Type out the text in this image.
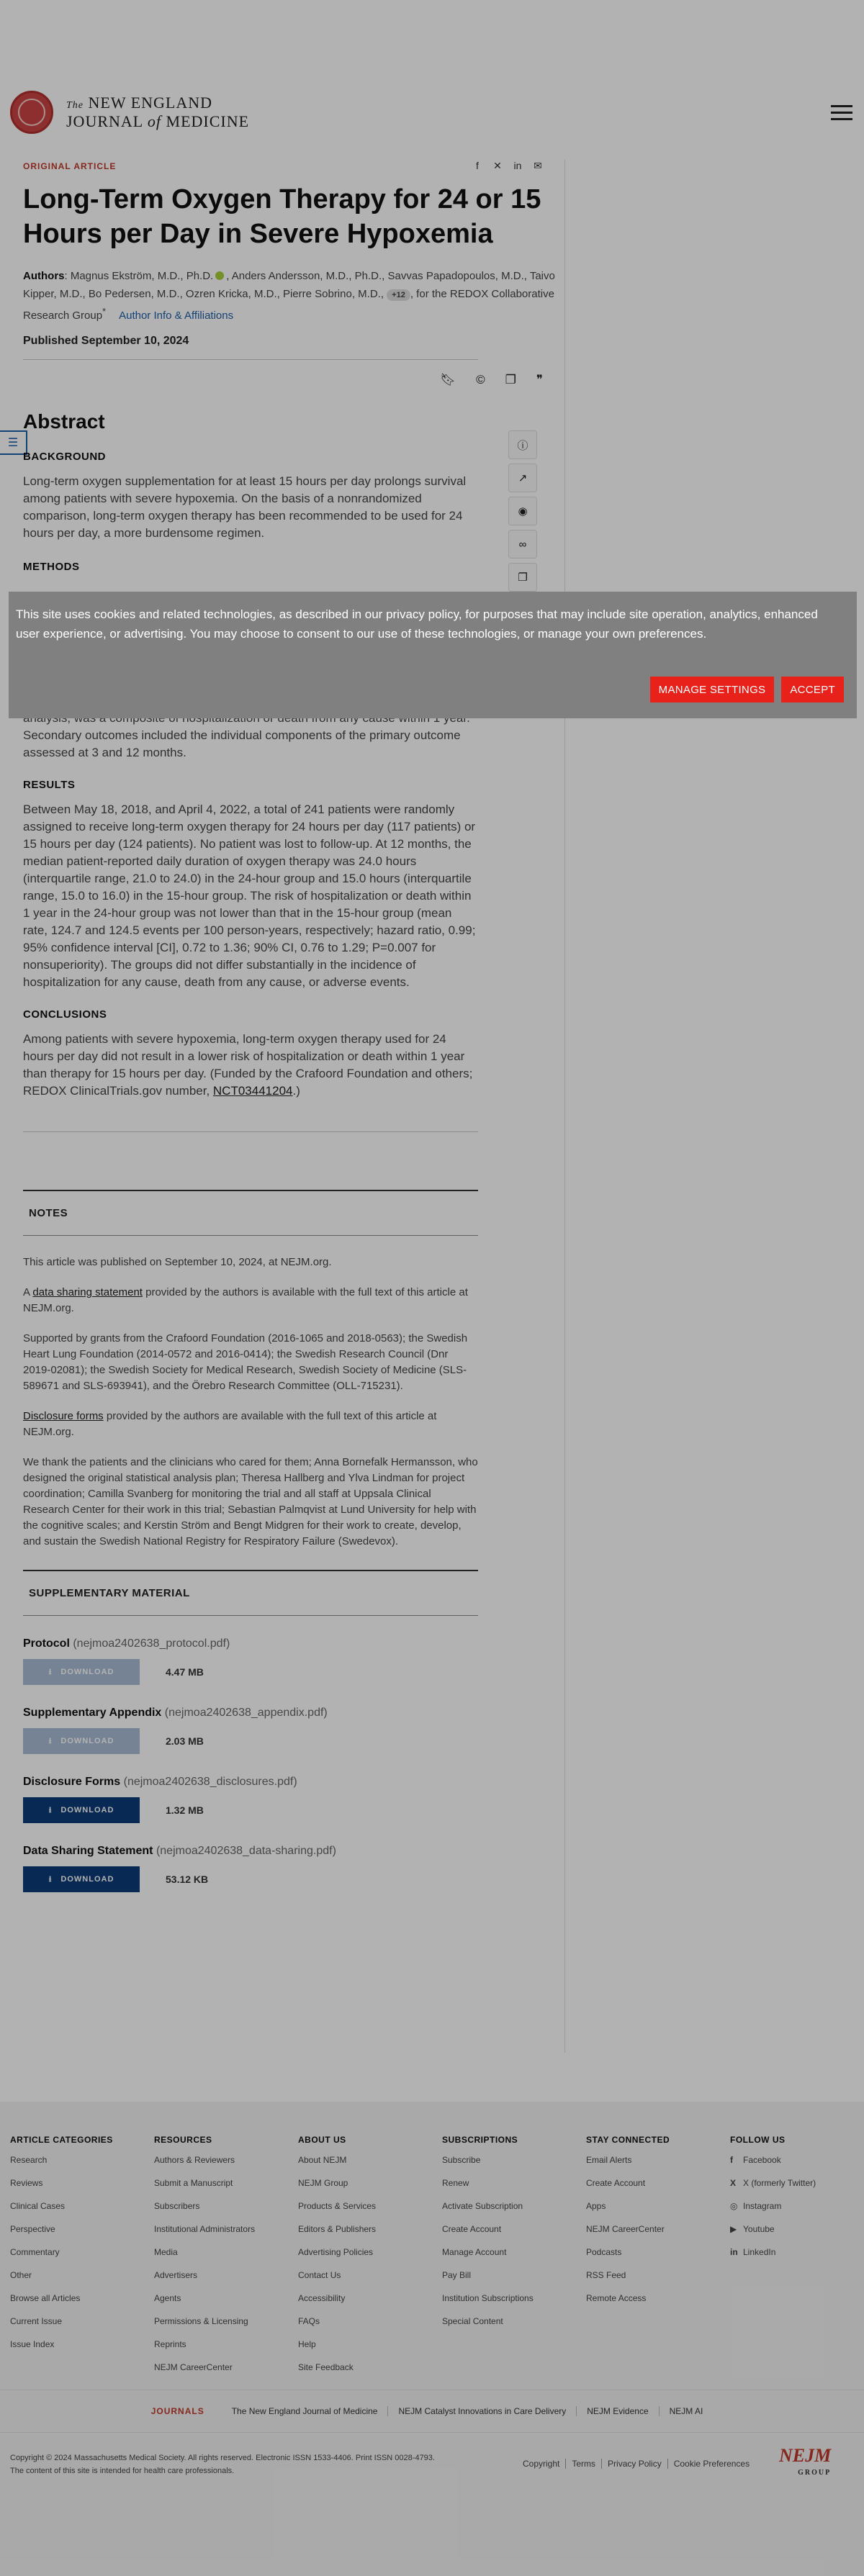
The NEW ENGLAND
JOURNAL of MEDICINE
☰	ⓘ
↗
◉
∞
❐
ORIGINAL ARTICLE	f	✕ in ✉
Long-Term Oxygen Therapy for 24 or 15 Hours per Day in Severe Hypoxemia
Authors: Magnus Ekström, M.D., Ph.D. , Anders Andersson, M.D., Ph.D., Savvas Papadopoulos, M.D., Taivo Kipper, M.D., Bo Pedersen, M.D., Ozren Kricka, M.D., Pierre Sobrino, M.D., +12 , for the REDOX Collaborative Research Group* Author Info & Affiliations
Published September 10, 2024
🔖︎ © ❐ ❞
Abstract
BACKGROUND

Long-term oxygen supplementation for at least 15 hours per day prolongs survival among patients with severe hypoxemia. On the basis of a nonrandomized comparison, long-term oxygen therapy has been recommended to be used for 24 hours per day, a more burdensome regimen.

METHODS

Secondary outcomes included the individual components of the primary outcome assessed at 3 and 12 months.

RESULTS

Between May 18, 2018, and April 4, 2022, a total of 241 patients were randomly assigned to receive long-term oxygen therapy for 24 hours per day (117 patients) or 15 hours per day (124 patients). No patient was lost to follow-up. At 12 months, the median patient-reported daily duration of oxygen therapy was 24.0 hours (interquartile range, 21.0 to 24.0) in the 24-hour group and 15.0 hours (interquartile range, 15.0 to 16.0) in the 15-hour group. The risk of hospitalization or death within 1 year in the 24-hour group was not lower than that in the 15-hour group (mean rate, 124.7 and 124.5 events per 100 person-years, respectively; hazard ratio, 0.99; 95% confidence interval [CI], 0.72 to 1.36; 90% CI, 0.76 to 1.29; P=0.007 for nonsuperiority). The groups did not differ substantially in the incidence of hospitalization for any cause, death from any cause, or adverse events.

CONCLUSIONS

Among patients with severe hypoxemia, long-term oxygen therapy used for 24 hours per day did not result in a lower risk of hospitalization or death within 1 year than therapy for 15 hours per day. (Funded by the Crafoord Foundation and others; REDOX ClinicalTrials.gov number, NCT03441204.)

NOTES

This article was published on September 10, 2024, at NEJM.org.

A data sharing statement provided by the authors is available with the full text of this article at NEJM.org.

Supported by grants from the Crafoord Foundation (2016-1065 and 2018-0563); the Swedish Heart Lung Foundation (2014-0572 and 2016-0414); the Swedish Research Council (Dnr 2019-02081); the Swedish Society for Medical Research, Swedish Society of Medicine (SLS-589671 and SLS-693941), and the Örebro Research Committee (OLL-715231).

Disclosure forms provided by the authors are available with the full text of this article at NEJM.org.

We thank the patients and the clinicians who cared for them; Anna Bornefalk Hermansson, who designed the original statistical analysis plan; Theresa Hallberg and Ylva Lindman for project coordination; Camilla Svanberg for monitoring the trial and all staff at Uppsala Clinical Research Center for their work in this trial; Sebastian Palmqvist at Lund University for help with the cognitive scales; and Kerstin Ström and Bengt Midgren for their work to create, develop, and sustain the Swedish National Registry for Respiratory Failure (Swedevox).

SUPPLEMENTARY MATERIAL
Protocol (nejmoa2402638_protocol.pdf)
⭳ DOWNLOAD	4.47 MB
Supplementary Appendix (nejmoa2402638_appendix.pdf)
⭳ DOWNLOAD	2.03 MB
Disclosure Forms (nejmoa2402638_disclosures.pdf)
⭳ DOWNLOAD	1.32 MB
Data Sharing Statement (nejmoa2402638_data-sharing.pdf)
⭳ DOWNLOAD	53.12 KB
ARTICLE CATEGORIES
Research
Reviews
Clinical Cases
Perspective
Commentary
Other
Browse all Articles
Current Issue
Issue Index
RESOURCES
Authors & Reviewers
Submit a Manuscript
Subscribers
Institutional Administrators
Media
Advertisers
Agents
Permissions & Licensing
Reprints
NEJM CareerCenter
ABOUT US
About NEJM
NEJM Group
Products & Services
Editors & Publishers
Advertising Policies
Contact Us
Accessibility
FAQs
Help
Site Feedback
SUBSCRIPTIONS
Subscribe
Renew
Activate Subscription
Create Account
Manage Account
Pay Bill
Institution Subscriptions
Special Content
STAY CONNECTED
Email Alerts
Create Account
Apps
NEJM CareerCenter
Podcasts
RSS Feed
Remote Access
FOLLOW US
f Facebook
X X (formerly Twitter)
◎ Instagram
▶ Youtube
in LinkedIn
JOURNALS	The New England Journal of Medicine	NEJM Catalyst Innovations in Care Delivery	NEJM Evidence	NEJM AI
Copyright © 2024 Massachusetts Medical Society. All rights reserved. Electronic ISSN 1533-4406. Print ISSN 0028-4793.
The content of this site is intended for health care professionals.
Copyright	Terms	Privacy Policy	Cookie Preferences	NEJM
GROUP

This site uses cookies and related technologies, as described in our privacy policy, for purposes that may include site operation, analytics, enhanced user experience, or advertising. You may choose to consent to our use of these technologies, or manage your own preferences.

MANAGE SETTINGS	ACCEPT
